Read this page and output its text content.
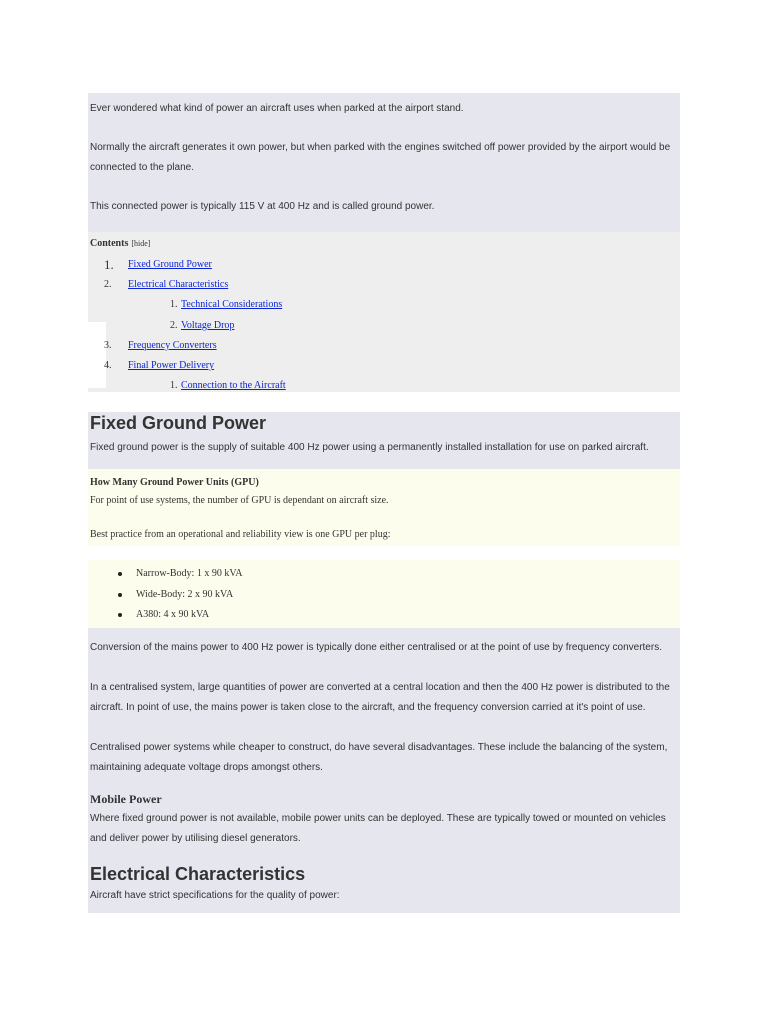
Ever wondered what kind of power an aircraft uses when parked at the airport stand.

Normally the aircraft generates it own power, but when parked with the engines switched off power provided by the airport would be connected to the plane.

This connected power is typically 115 V at 400 Hz and is called ground power.

Contents [hide]
1. Fixed Ground Power
2. Electrical Characteristics
1. Technical Considerations
2. Voltage Drop
3. Frequency Converters
4. Final Power Delivery
1. Connection to the Aircraft
Fixed Ground Power

Fixed ground power is the supply of suitable 400 Hz power using a permanently installed installation for use on parked aircraft.

How Many Ground Power Units (GPU)

For point of use systems, the number of GPU is dependant on aircraft size.

Best practice from an operational and reliability view is one GPU per plug:

Narrow-Body: 1 x 90 kVA
Wide-Body: 2 x 90 kVA
A380: 4 x 90 kVA

Conversion of the mains power to 400 Hz power is typically done either centralised or at the point of use by frequency converters.

In a centralised system, large quantities of power are converted at a central location and then the 400 Hz power is distributed to the aircraft. In point of use, the mains power is taken close to the aircraft, and the frequency conversion carried at it's point of use.

Centralised power systems while cheaper to construct, do have several disadvantages. These include the balancing of the system, maintaining adequate voltage drops amongst others.

Mobile Power

Where fixed ground power is not available, mobile power units can be deployed. These are typically towed or mounted on vehicles and deliver power by utilising diesel generators.

Electrical Characteristics

Aircraft have strict specifications for the quality of power:
